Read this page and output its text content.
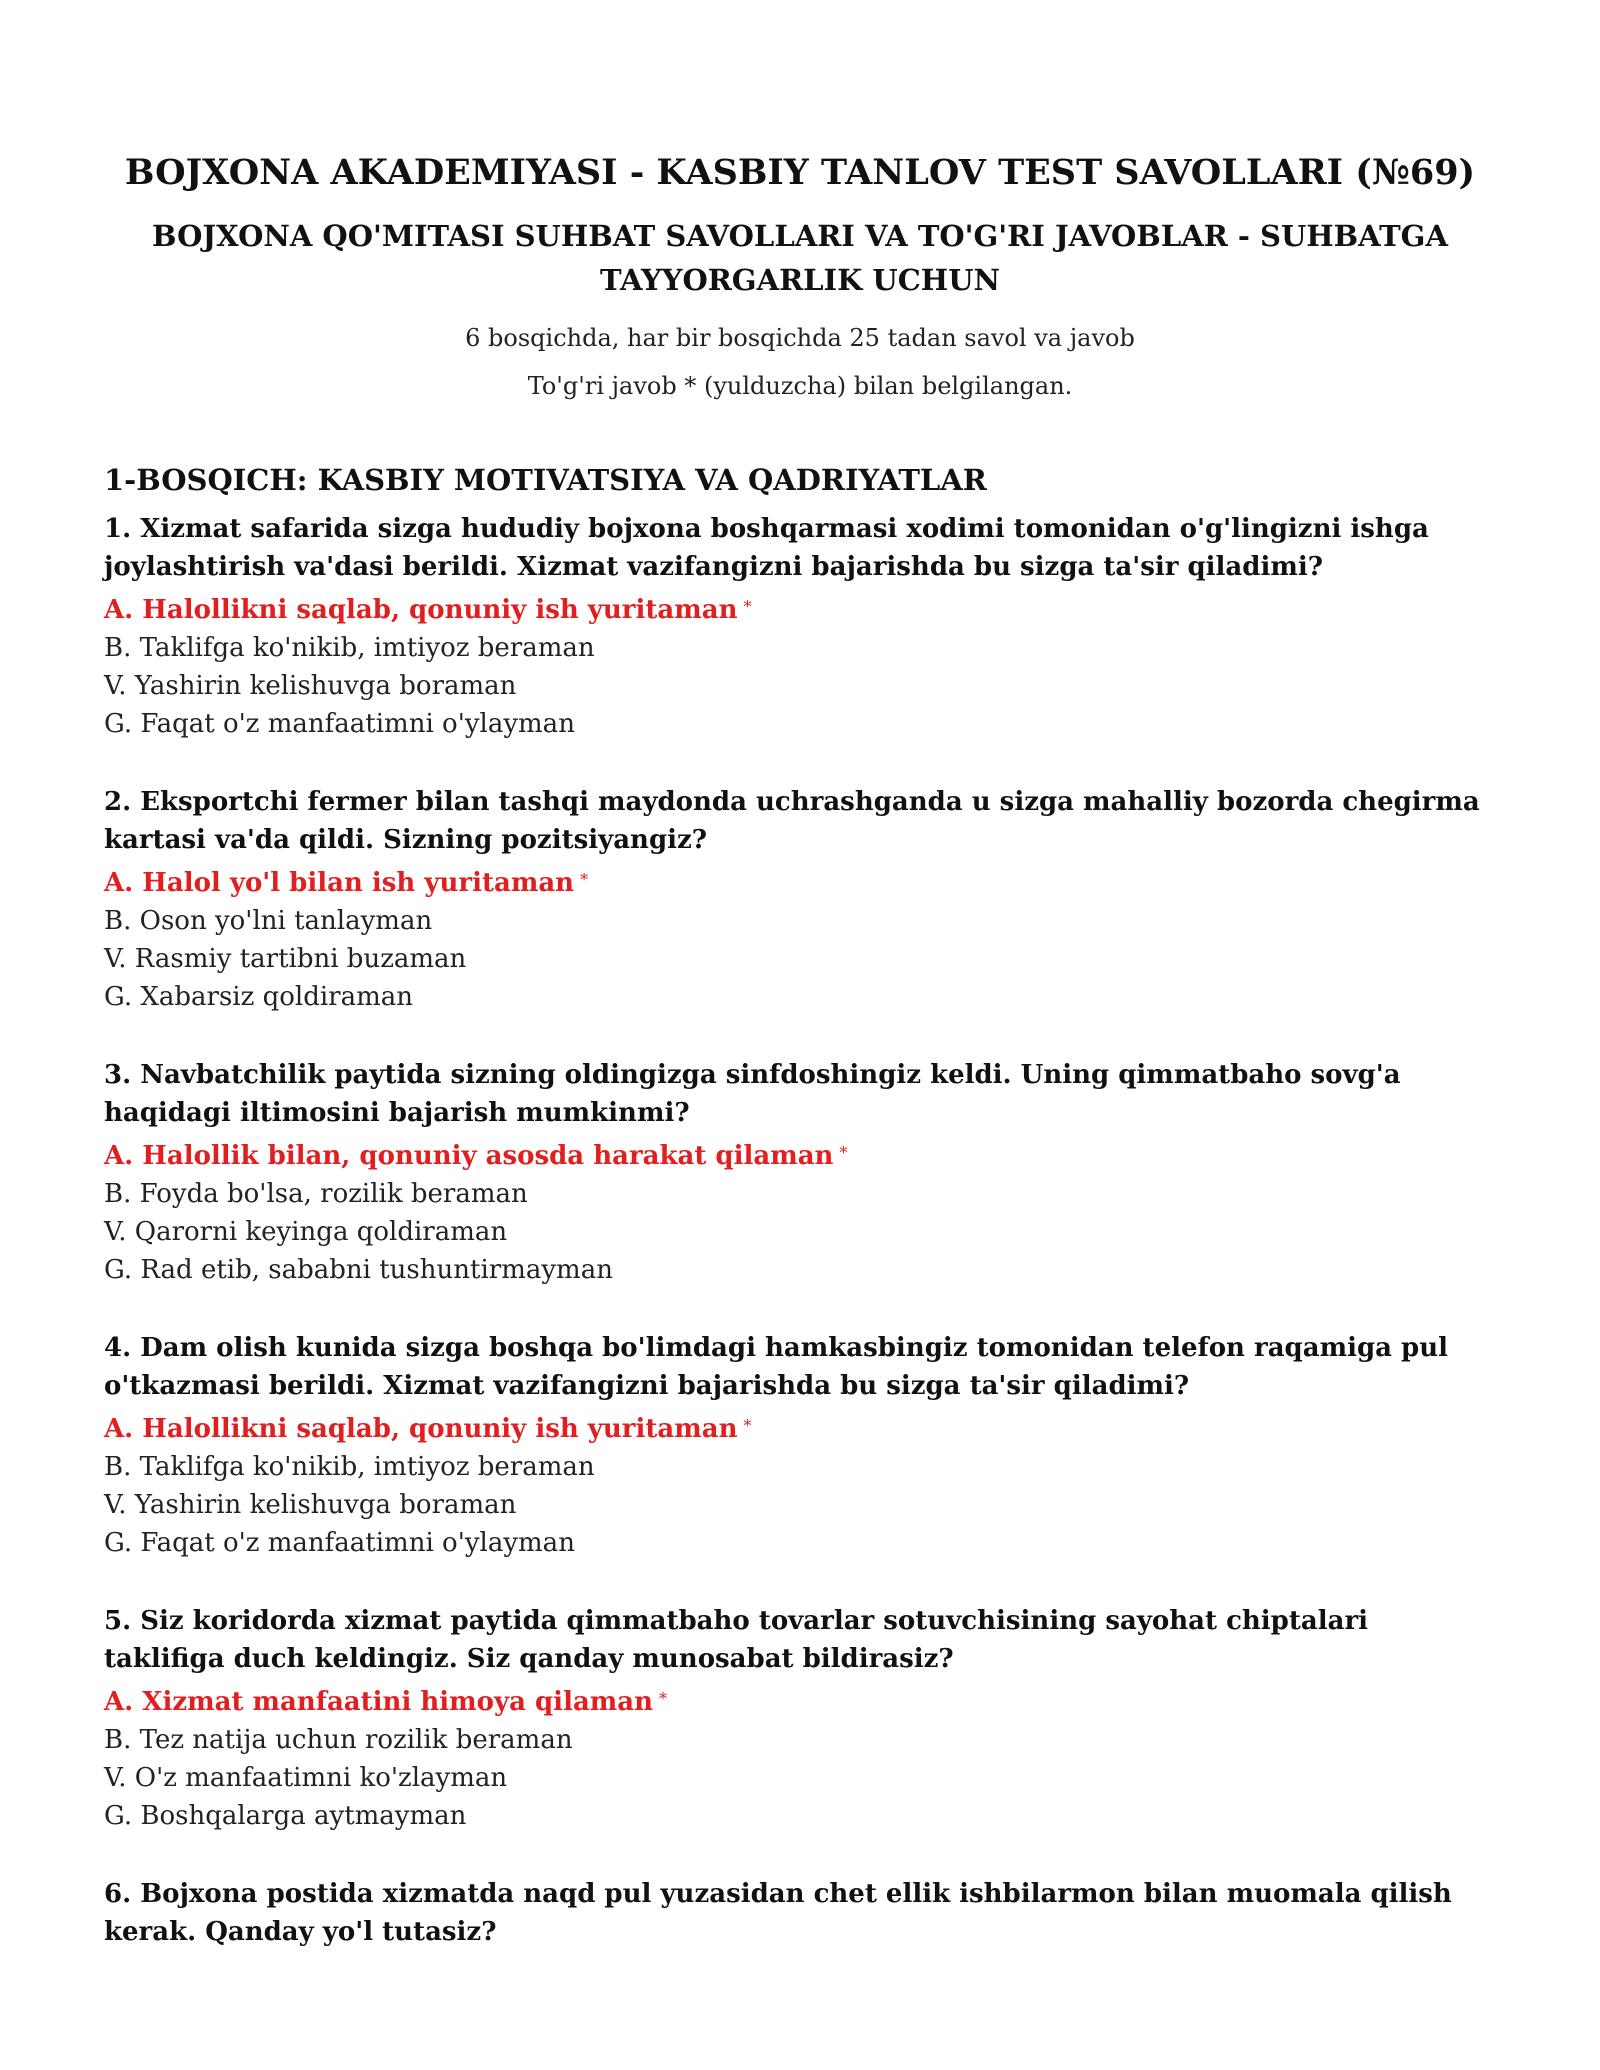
BOJXONA AKADEMIYASI - KASBIY TANLOV TEST SAVOLLARI (№69)
BOJXONA QO'MITASI SUHBAT SAVOLLARI VA TO'G'RI JAVOBLAR - SUHBATGA TAYYORGARLIK UCHUN
6 bosqichda, har bir bosqichda 25 tadan savol va javob
To'g'ri javob * (yulduzcha) bilan belgilangan.
1-BOSQICH: KASBIY MOTIVATSIYA VA QADRIYATLAR
1. Xizmat safarida sizga hududiy bojxona boshqarmasi xodimi tomonidan o'g'lingizni ishga joylashtirish va'dasi berildi. Xizmat vazifangizni bajarishda bu sizga ta'sir qiladimi?
A. Halollikni saqlab, qonuniy ish yuritaman *
B. Taklifga ko'nikib, imtiyoz beraman
V. Yashirin kelishuvga boraman
G. Faqat o'z manfaatimni o'ylayman
2. Eksportchi fermer bilan tashqi maydonda uchrashganda u sizga mahalliy bozorda chegirma kartasi va'da qildi. Sizning pozitsiyangiz?
A. Halol yo'l bilan ish yuritaman *
B. Oson yo'lni tanlayman
V. Rasmiy tartibni buzaman
G. Xabarsiz qoldiraman
3. Navbatchilik paytida sizning oldingizga sinfdoshingiz keldi. Uning qimmatbaho sovg'a haqidagi iltimosini bajarish mumkinmi?
A. Halollik bilan, qonuniy asosda harakat qilaman *
B. Foyda bo'lsa, rozilik beraman
V. Qarorni keyinga qoldiraman
G. Rad etib, sababni tushuntirmayman
4. Dam olish kunida sizga boshqa bo'limdagi hamkasbingiz tomonidan telefon raqamiga pul o'tkazmasi berildi. Xizmat vazifangizni bajarishda bu sizga ta'sir qiladimi?
A. Halollikni saqlab, qonuniy ish yuritaman *
B. Taklifga ko'nikib, imtiyoz beraman
V. Yashirin kelishuvga boraman
G. Faqat o'z manfaatimni o'ylayman
5. Siz koridorda xizmat paytida qimmatbaho tovarlar sotuvchisining sayohat chiptalari taklifiga duch keldingiz. Siz qanday munosabat bildirasiz?
A. Xizmat manfaatini himoya qilaman *
B. Tez natija uchun rozilik beraman
V. O'z manfaatimni ko'zlayman
G. Boshqalarga aytmayman
6. Bojxona postida xizmatda naqd pul yuzasidan chet ellik ishbilarmon bilan muomala qilish kerak. Qanday yo'l tutasiz?
